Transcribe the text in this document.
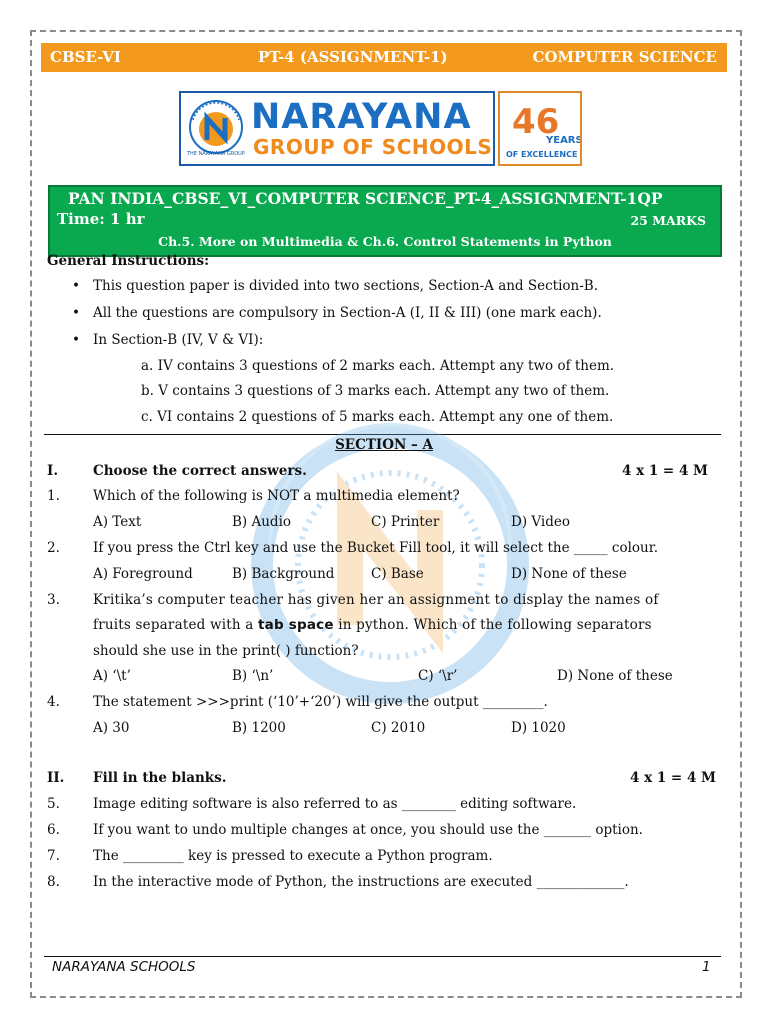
CBSE-VI	PT-4 (ASSIGNMENT-1)	COMPUTER SCIENCE
NARAYANA
GROUP OF SCHOOLS
THE NARAYANA GROUP
46
YEARS
OF EXCELLENCE
PAN INDIA_CBSE_VI_COMPUTER SCIENCE_PT-4_ASSIGNMENT-1QP
Time: 1 hr	25 MARKS
Ch.5. More on Multimedia & Ch.6. Control Statements in Python
General Instructions:
• This question paper is divided into two sections, Section-A and Section-B.
• All the questions are compulsory in Section-A (I, II & III) (one mark each).
• In Section-B (IV, V & VI):
a. IV contains 3 questions of 2 marks each. Attempt any two of them.
b. V contains 3 questions of 3 marks each. Attempt any two of them.
c. VI contains 2 questions of 5 marks each. Attempt any one of them.
SECTION – A
I.	Choose the correct answers.	4 x 1 = 4 M
1. Which of the following is NOT a multimedia element?
A) Text	B) Audio	C) Printer	D) Video
2. If you press the Ctrl key and use the Bucket Fill tool, it will select the _____ colour.
A) Foreground	B) Background	C) Base	D) None of these
3. Kritika’s computer teacher has given her an assignment to display the names of
fruits separated with a tab space in python. Which of the following separators
should she use in the print( ) function?
A) ‘\t’	B) ‘\n’	C) ‘\r’	D) None of these
4. The statement >>>print (‘10’+‘20’) will give the output _________.
A) 30	B) 1200	C) 2010	D) 1020
II. Fill in the blanks.	4 x 1 = 4 M
5. Image editing software is also referred to as ________ editing software.
6. If you want to undo multiple changes at once, you should use the _______ option.
7. The _________ key is pressed to execute a Python program.
8. In the interactive mode of Python, the instructions are executed _____________.
NARAYANA SCHOOLS	1
